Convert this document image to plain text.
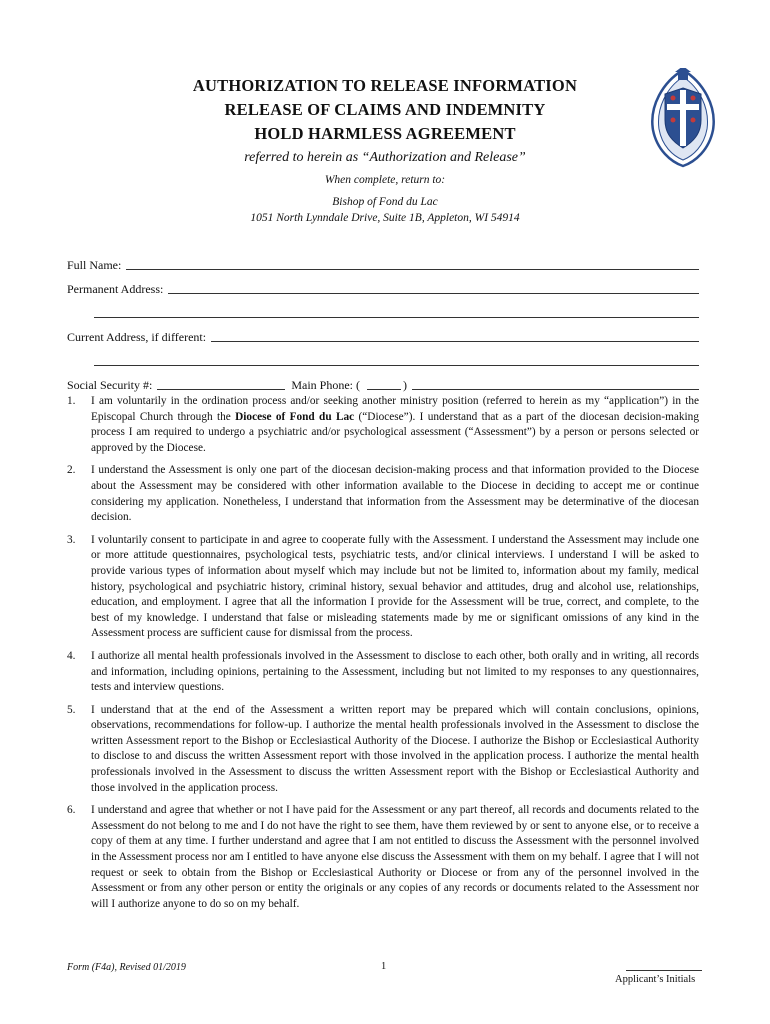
AUTHORIZATION TO RELEASE INFORMATION

RELEASE OF CLAIMS AND INDEMNITY

HOLD HARMLESS AGREEMENT

referred to herein as “Authorization and Release”
When complete, return to:
Bishop of Fond du Lac
1051 North Lynndale Drive, Suite 1B, Appleton, WI 54914
Full Name:
Permanent Address:
Current Address, if different:
Social Security #:	Main Phone: (	)
1.	I am voluntarily in the ordination process and/or seeking another ministry position (referred to herein as my “application”) in the Episcopal Church through the Diocese of Fond du Lac (“Diocese”). I understand that as a part of the diocesan decision-making process I am required to undergo a psychiatric and/or psychological assessment (“Assessment”) by a person or persons selected or approved by the Diocese.
2.	I understand the Assessment is only one part of the diocesan decision-making process and that information provided to the Diocese about the Assessment may be considered with other information available to the Diocese in deciding to accept me or continue considering my application. Nonetheless, I understand that information from the Assessment may be determinative of the diocesan decision.
3.	I voluntarily consent to participate in and agree to cooperate fully with the Assessment. I understand the Assessment may include one or more attitude questionnaires, psychological tests, psychiatric tests, and/or clinical interviews. I understand I will be asked to provide various types of information about myself which may include but not be limited to, information about my family, medical history, psychological and psychiatric history, criminal history, sexual behavior and attitudes, drug and alcohol use, relationships, education, and employment. I agree that all the information I provide for the Assessment will be true, correct, and complete, to the best of my knowledge. I understand that false or misleading statements made by me or significant omissions of any kind in the Assessment process are sufficient cause for dismissal from the process.
4.	I authorize all mental health professionals involved in the Assessment to disclose to each other, both orally and in writing, all records and information, including opinions, pertaining to the Assessment, including but not limited to my responses to any questionnaires, tests and interview questions.
5.	I understand that at the end of the Assessment a written report may be prepared which will contain conclusions, opinions, observations, recommendations for follow-up. I authorize the mental health professionals involved in the Assessment to disclose the written Assessment report to the Bishop or Ecclesiastical Authority of the Diocese. I authorize the Bishop or Ecclesiastical Authority to disclose to and discuss the written Assessment report with those involved in the application process. I authorize the mental health professionals involved in the Assessment to discuss the written Assessment report with the Bishop or Ecclesiastical Authority and those involved in the application process.
6.	I understand and agree that whether or not I have paid for the Assessment or any part thereof, all records and documents related to the Assessment do not belong to me and I do not have the right to see them, have them reviewed by or sent to anyone else, or to receive a copy of them at any time. I further understand and agree that I am not entitled to discuss the Assessment with the personnel involved in the Assessment process nor am I entitled to have anyone else discuss the Assessment with them on my behalf. I agree that I will not request or seek to obtain from the Bishop or Ecclesiastical Authority or Diocese or from any of the personnel involved in the Assessment or from any other person or entity the originals or any copies of any records or documents related to the Assessment nor will I authorize anyone to do so on my behalf.
Form (F4a), Revised 01/2019	1
Applicant’s Initials
